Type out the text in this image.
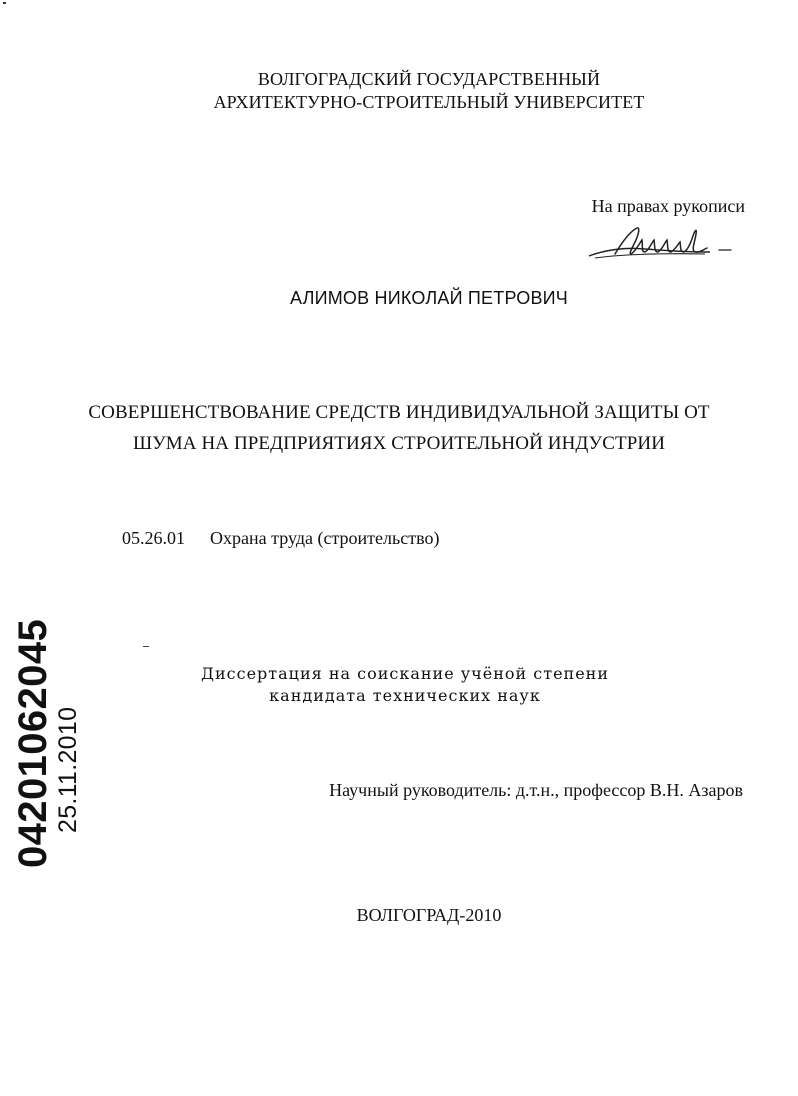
ВОЛГОГРАДСКИЙ ГОСУДАРСТВЕННЫЙ
АРХИТЕКТУРНО-СТРОИТЕЛЬНЫЙ УНИВЕРСИТЕТ
На правах рукописи
АЛИМОВ НИКОЛАЙ ПЕТРОВИЧ
СОВЕРШЕНСТВОВАНИЕ СРЕДСТВ ИНДИВИДУАЛЬНОЙ ЗАЩИТЫ ОТ
ШУМА НА ПРЕДПРИЯТИЯХ СТРОИТЕЛЬНОЙ ИНДУСТРИИ
05.26.01 Охрана труда (строительство)
Диссертация на соискание учёной степени
кандидата технических наук
Научный руководитель: д.т.н., профессор В.Н. Азаров
ВОЛГОГРАД-2010
04201062045 25.11.2010
